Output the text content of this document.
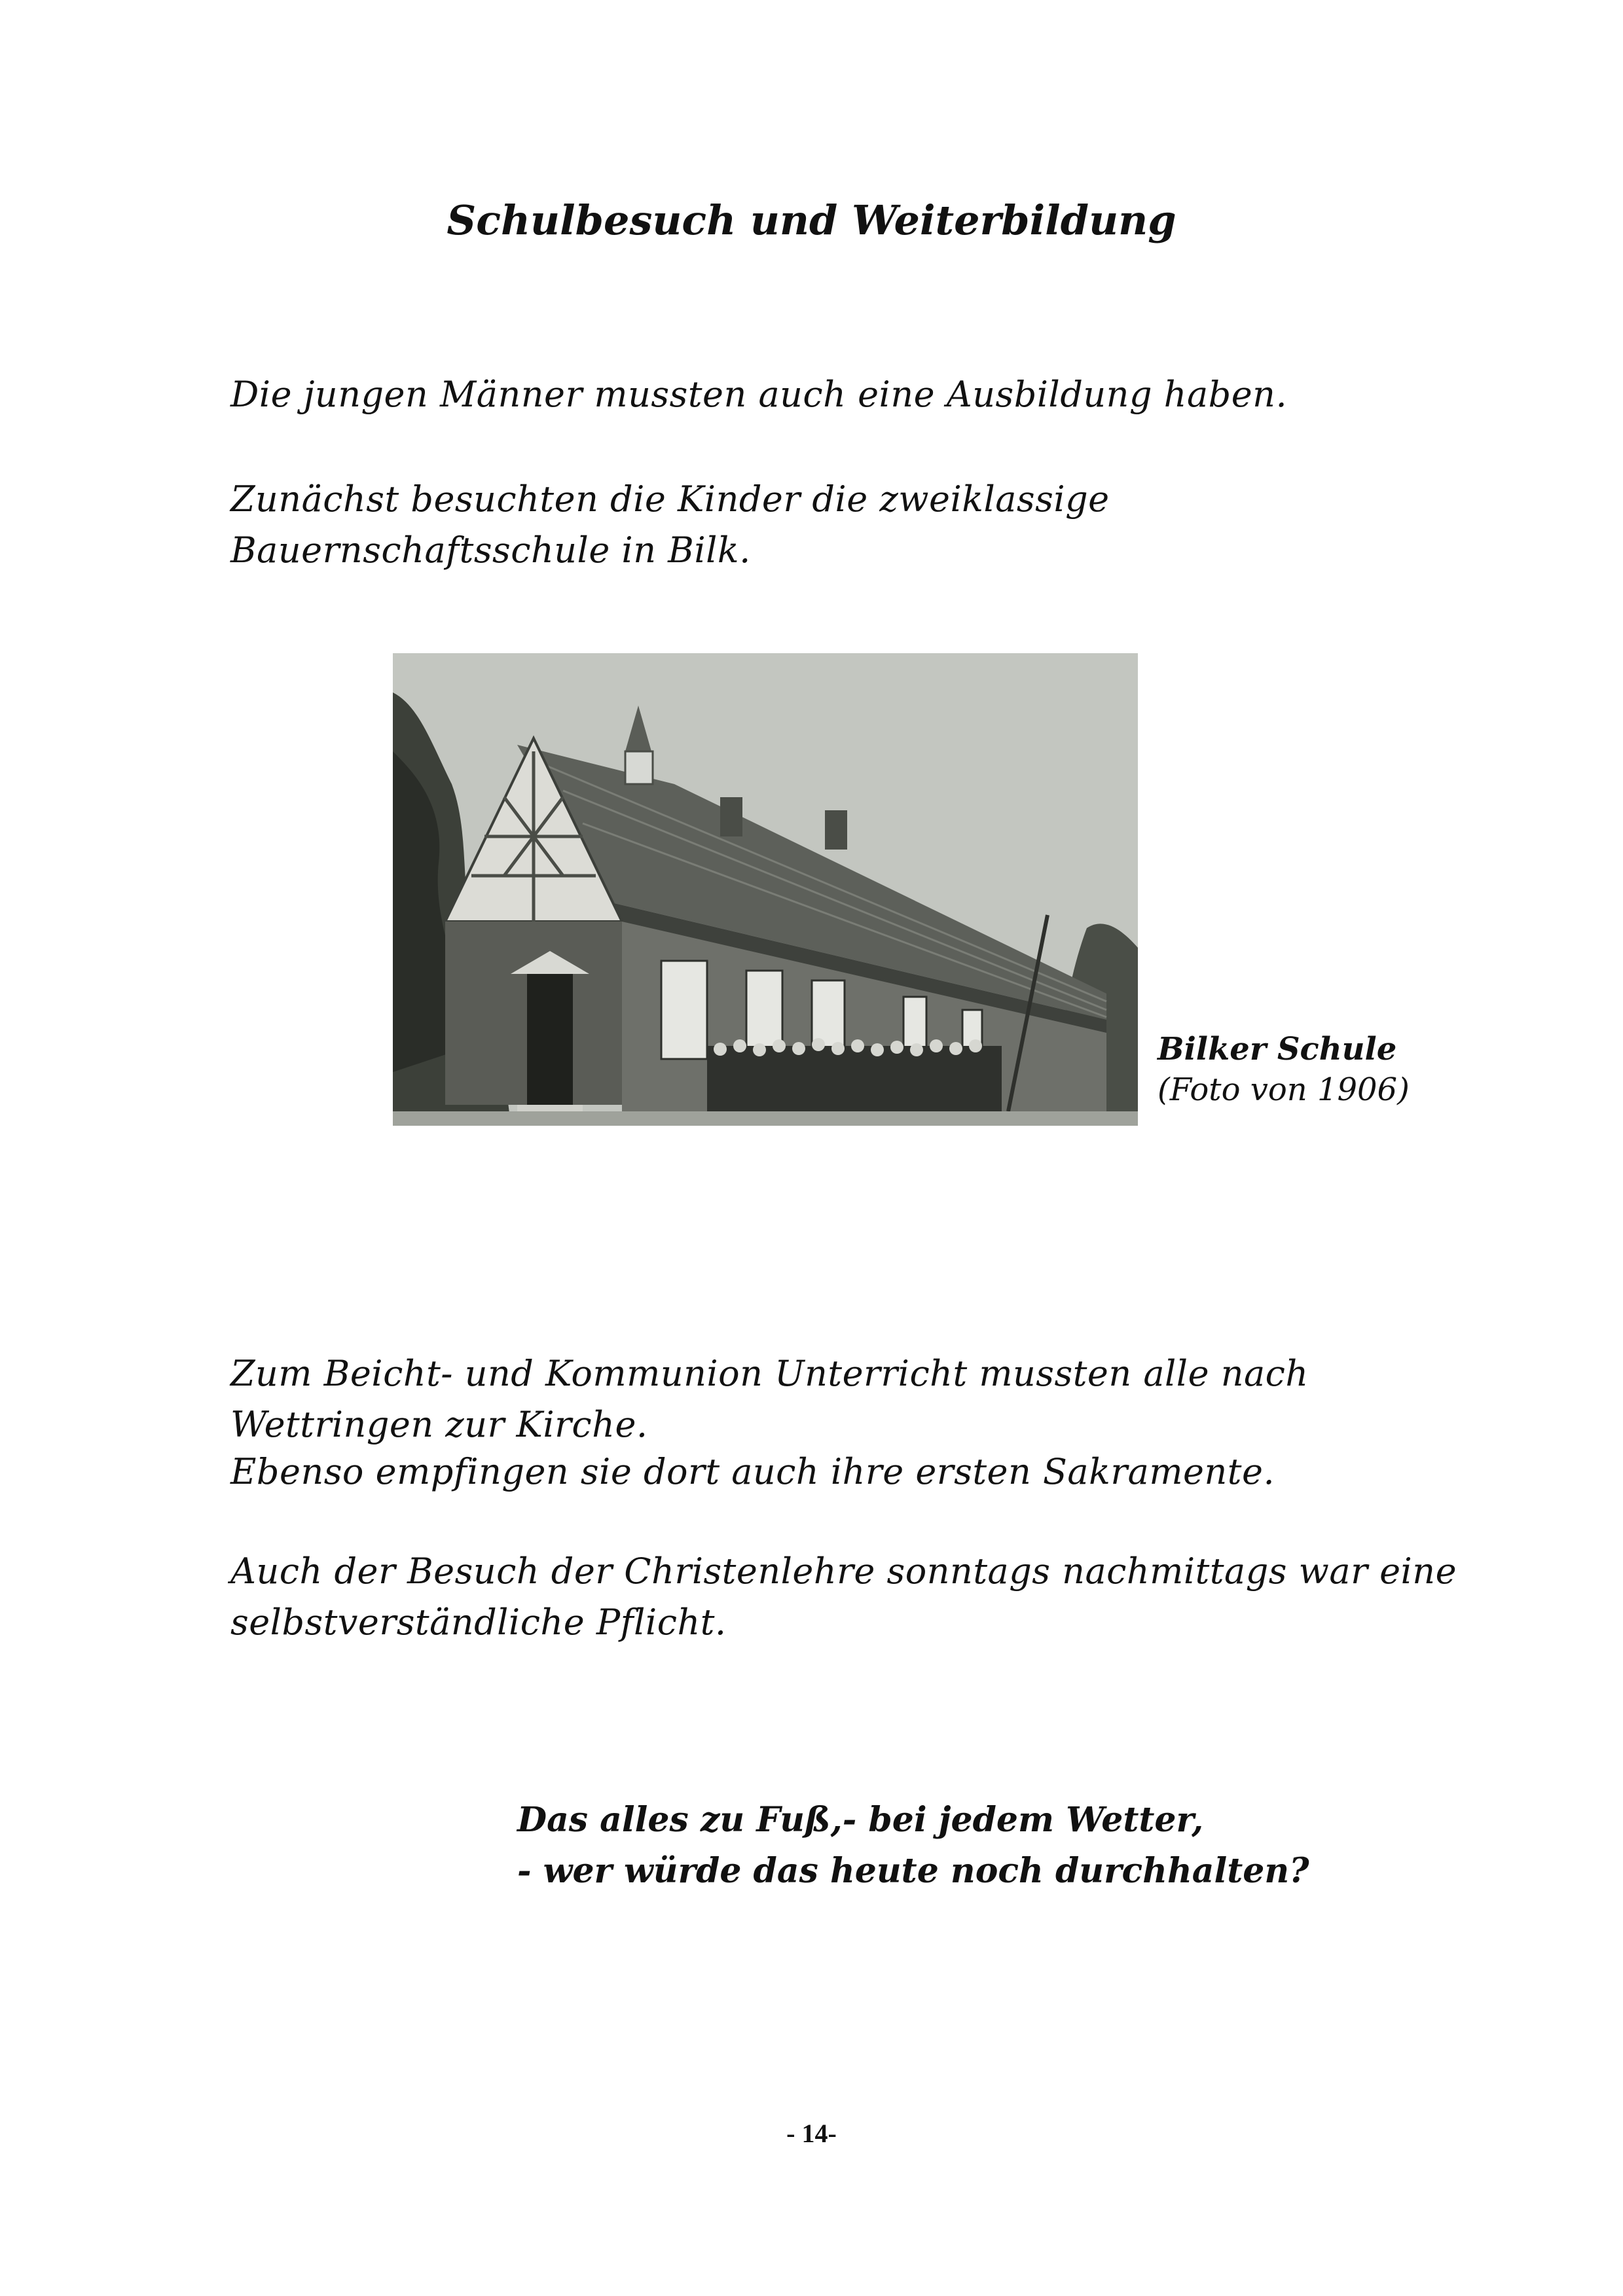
Schulbesuch und Weiterbildung
Die jungen Männer mussten auch eine Ausbildung haben.
Zunächst besuchten die Kinder die zweiklassige Bauernschaftsschule in Bilk.
Bilker Schule
(Foto von 1906)
Zum Beicht- und Kommunion Unterricht mussten alle nach Wettringen zur Kirche.
Ebenso empfingen sie dort auch ihre ersten Sakramente.
Auch der Besuch der Christenlehre sonntags nachmittags war eine selbstverständliche Pflicht.
Das alles zu Fuß,- bei jedem Wetter,
- wer würde das heute noch durchhalten?
- 14-
